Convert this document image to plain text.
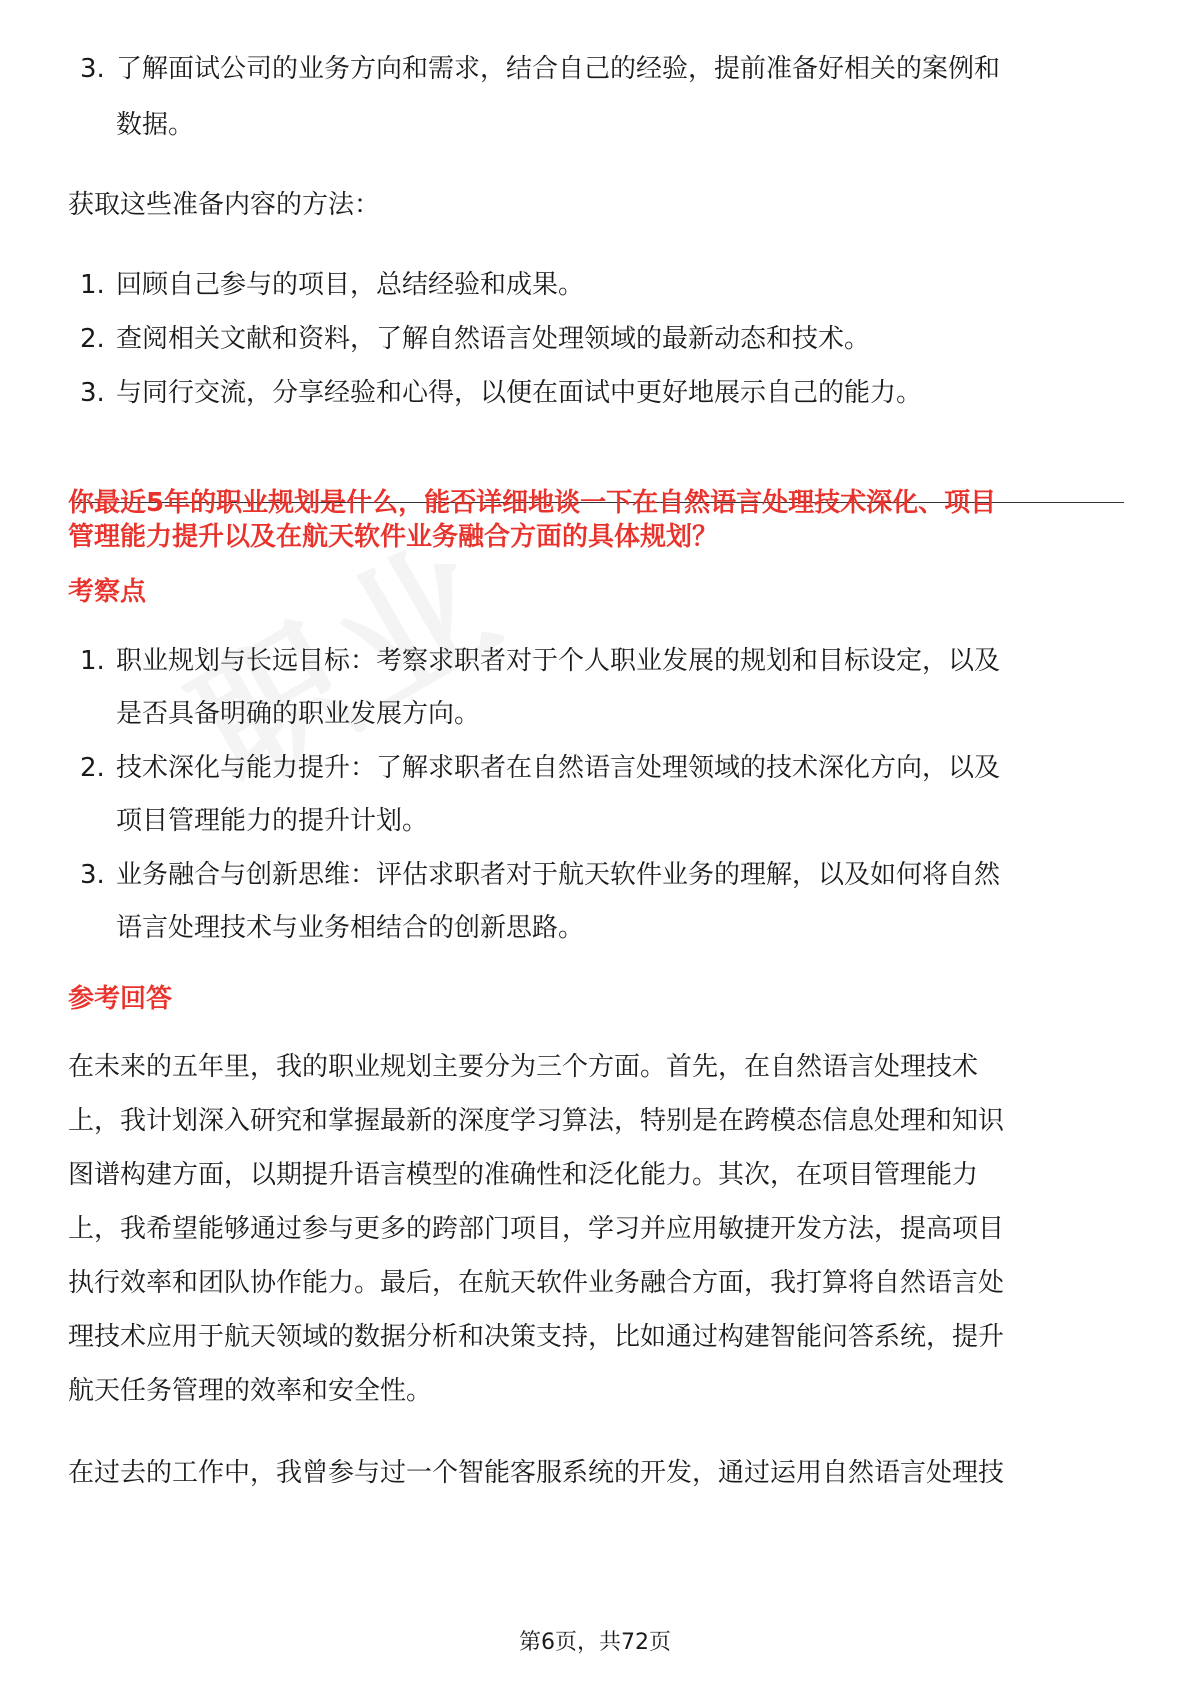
3. 了解面试公司的业务方向和需求，结合自己的经验，提前准备好相关的案例和
数据。
获取这些准备内容的方法：
1. 回顾自己参与的项目，总结经验和成果。
2. 查阅相关文献和资料，了解自然语言处理领域的最新动态和技术。
3. 与同行交流，分享经验和心得，以便在面试中更好地展示自己的能力。
你最近5年的职业规划是什么，能否详细地谈一下在自然语言处理技术深化、项目
管理能力提升以及在航天软件业务融合方面的具体规划？
考察点
1. 职业规划与长远目标：考察求职者对于个人职业发展的规划和目标设定，以及
是否具备明确的职业发展方向。
2. 技术深化与能力提升：了解求职者在自然语言处理领域的技术深化方向，以及
项目管理能力的提升计划。
3. 业务融合与创新思维：评估求职者对于航天软件业务的理解，以及如何将自然
语言处理技术与业务相结合的创新思路。
参考回答
在未来的五年里，我的职业规划主要分为三个方面。首先，在自然语言处理技术
上，我计划深入研究和掌握最新的深度学习算法，特别是在跨模态信息处理和知识
图谱构建方面，以期提升语言模型的准确性和泛化能力。其次，在项目管理能力
上，我希望能够通过参与更多的跨部门项目，学习并应用敏捷开发方法，提高项目
执行效率和团队协作能力。最后，在航天软件业务融合方面，我打算将自然语言处
理技术应用于航天领域的数据分析和决策支持，比如通过构建智能问答系统，提升
航天任务管理的效率和安全性。
在过去的工作中，我曾参与过一个智能客服系统的开发，通过运用自然语言处理技
第6页，共72页
